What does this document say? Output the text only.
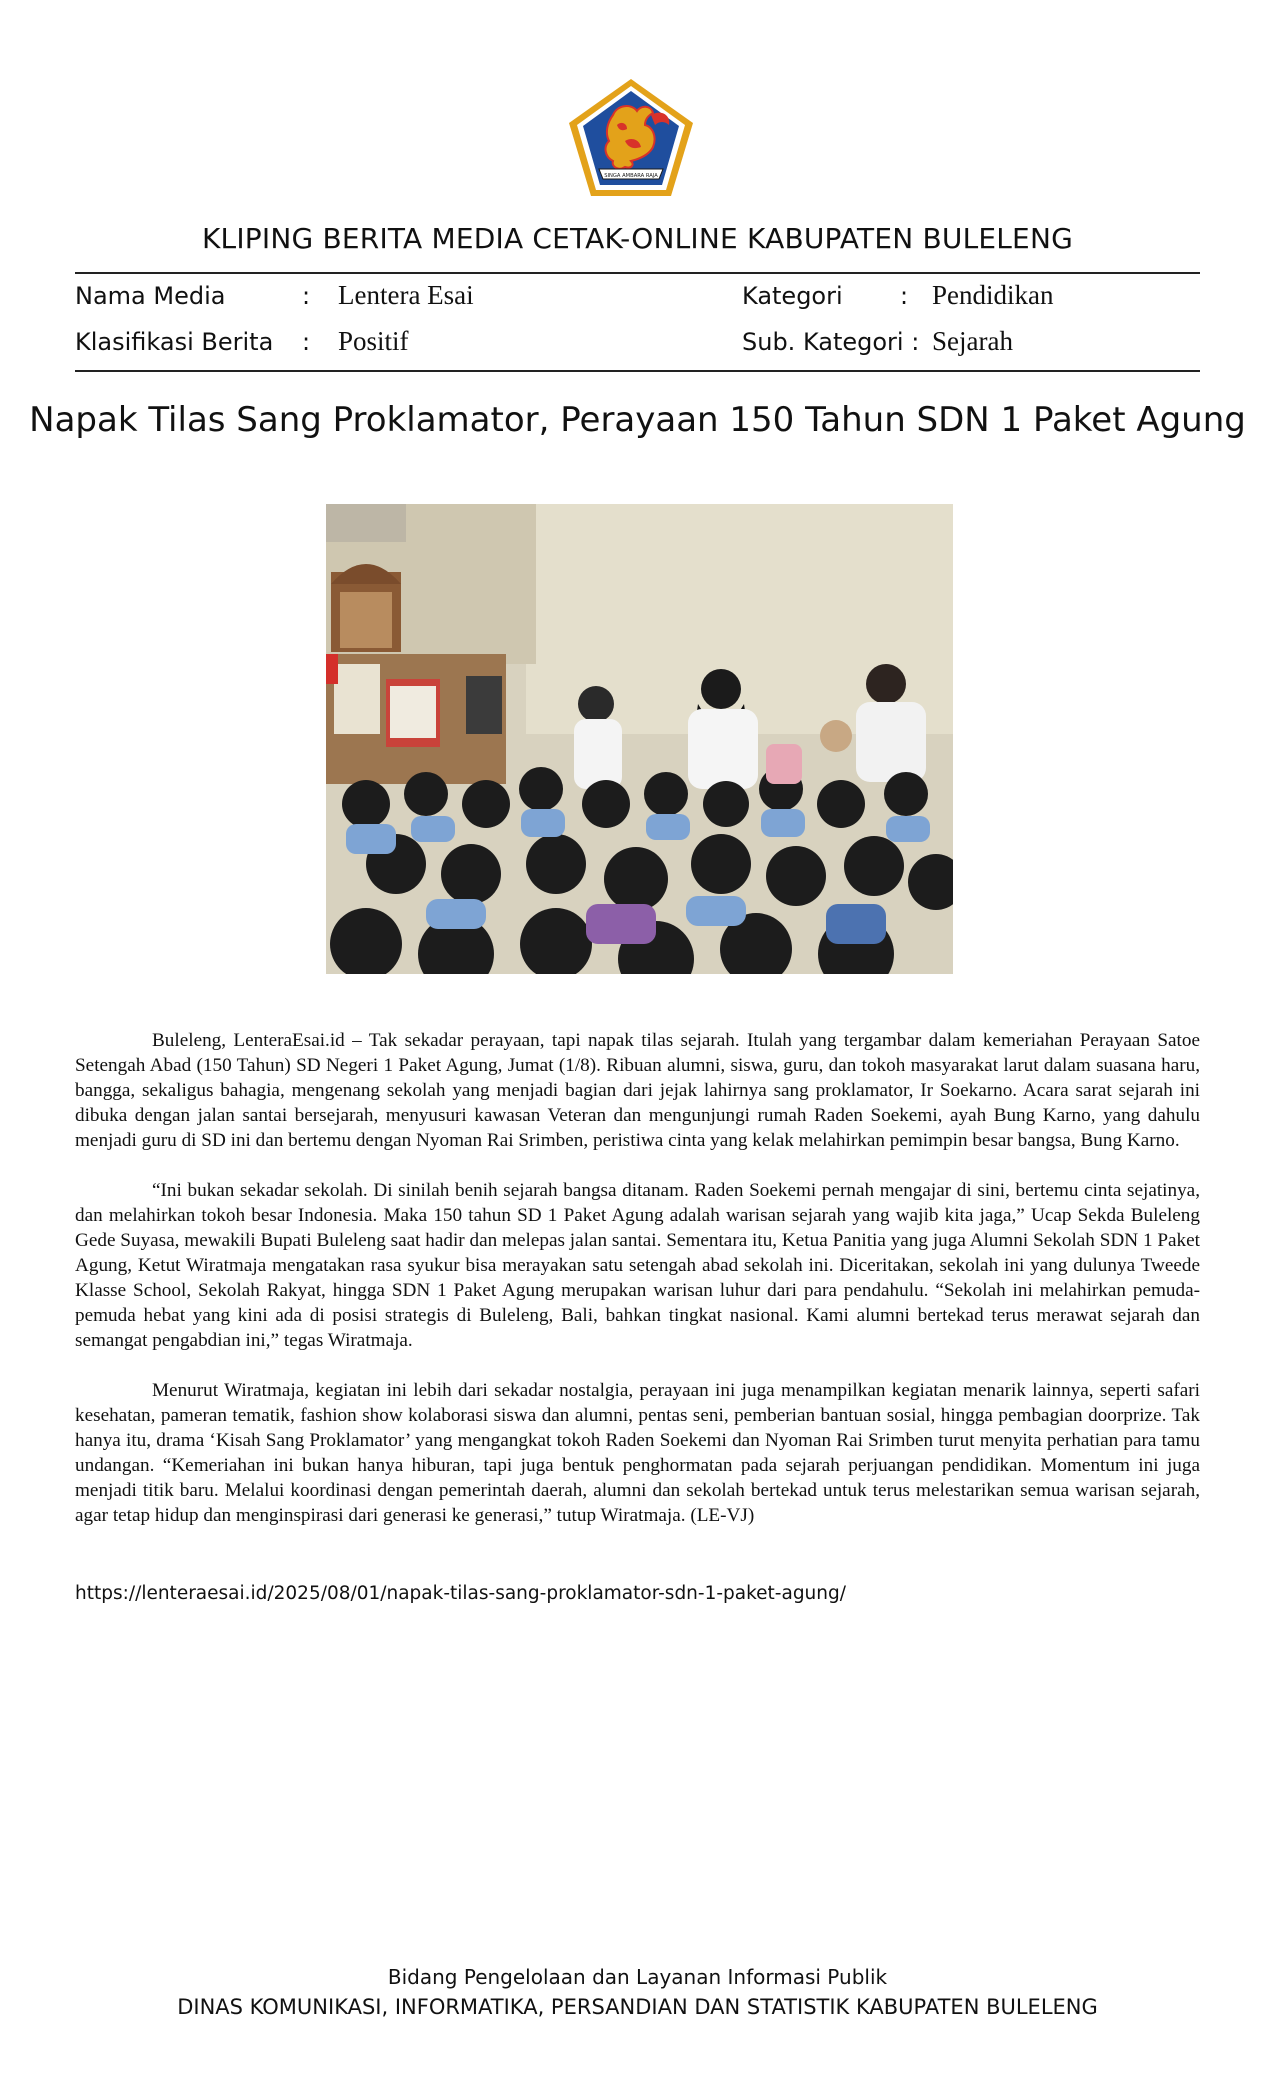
SINGA AMBARA RAJA
KLIPING BERITA MEDIA CETAK-ONLINE KABUPATEN BULELENG
Nama Media	: Lentera Esai
Klasifikasi Berita : Positif
Kategori : Pendidikan
Sub. Kategori : Sejarah
Napak Tilas Sang Proklamator, Perayaan 150 Tahun SDN 1 Paket Agung

Buleleng, LenteraEsai.id – Tak sekadar perayaan, tapi napak tilas sejarah. Itulah yang tergambar dalam kemeriahan Perayaan Satoe Setengah Abad (150 Tahun) SD Negeri 1 Paket Agung, Jumat (1/8). Ribuan alumni, siswa, guru, dan tokoh masyarakat larut dalam suasana haru, bangga, sekaligus bahagia, mengenang sekolah yang menjadi bagian dari jejak lahirnya sang proklamator, Ir Soekarno. Acara sarat sejarah ini dibuka dengan jalan santai bersejarah, menyusuri kawasan Veteran dan mengunjungi rumah Raden Soekemi, ayah Bung Karno, yang dahulu menjadi guru di SD ini dan bertemu dengan Nyoman Rai Srimben, peristiwa cinta yang kelak melahirkan pemimpin besar bangsa, Bung Karno.

“Ini bukan sekadar sekolah. Di sinilah benih sejarah bangsa ditanam. Raden Soekemi pernah mengajar di sini, bertemu cinta sejatinya, dan melahirkan tokoh besar Indonesia. Maka 150 tahun SD 1 Paket Agung adalah warisan sejarah yang wajib kita jaga,” Ucap Sekda Buleleng Gede Suyasa, mewakili Bupati Buleleng saat hadir dan melepas jalan santai. Sementara itu, Ketua Panitia yang juga Alumni Sekolah SDN 1 Paket Agung, Ketut Wiratmaja mengatakan rasa syukur bisa merayakan satu setengah abad sekolah ini. Diceritakan, sekolah ini yang dulunya Tweede Klasse School, Sekolah Rakyat, hingga SDN 1 Paket Agung merupakan warisan luhur dari para pendahulu. “Sekolah ini melahirkan pemuda-pemuda hebat yang kini ada di posisi strategis di Buleleng, Bali, bahkan tingkat nasional. Kami alumni bertekad terus merawat sejarah dan semangat pengabdian ini,” tegas Wiratmaja.

Menurut Wiratmaja, kegiatan ini lebih dari sekadar nostalgia, perayaan ini juga menampilkan kegiatan menarik lainnya, seperti safari kesehatan, pameran tematik, fashion show kolaborasi siswa dan alumni, pentas seni, pemberian bantuan sosial, hingga pembagian doorprize. Tak hanya itu, drama ‘Kisah Sang Proklamator’ yang mengangkat tokoh Raden Soekemi dan Nyoman Rai Srimben turut menyita perhatian para tamu undangan. “Kemeriahan ini bukan hanya hiburan, tapi juga bentuk penghormatan pada sejarah perjuangan pendidikan. Momentum ini juga menjadi titik baru. Melalui koordinasi dengan pemerintah daerah, alumni dan sekolah bertekad untuk terus melestarikan semua warisan sejarah, agar tetap hidup dan menginspirasi dari generasi ke generasi,” tutup Wiratmaja. (LE-VJ)

https://lenteraesai.id/2025/08/01/napak-tilas-sang-proklamator-sdn-1-paket-agung/
Bidang Pengelolaan dan Layanan Informasi Publik
DINAS KOMUNIKASI, INFORMATIKA, PERSANDIAN DAN STATISTIK KABUPATEN BULELENG
